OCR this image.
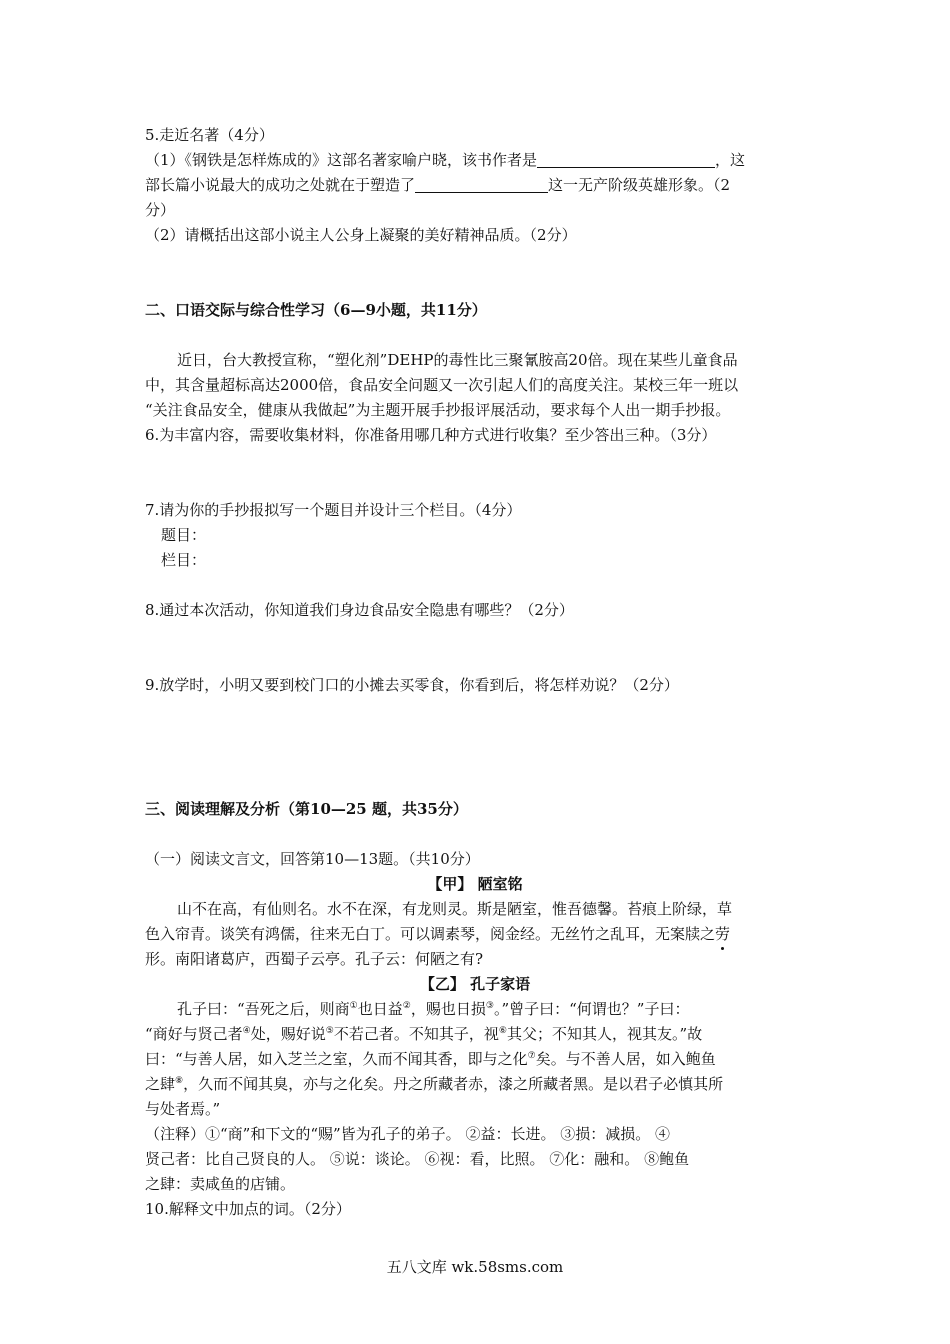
5.走近名著（4分）
（1）《钢铁是怎样炼成的》这部名著家喻户晓，该书作者是	，这
部长篇小说最大的成功之处就在于塑造了	这一无产阶级英雄形象。（2
分）
（2）请概括出这部小说主人公身上凝聚的美好精神品质。（2分）
二、口语交际与综合性学习（6—9小题，共11分）
近日，台大教授宣称，“塑化剂”DEHP的毒性比三聚氰胺高20倍。现在某些儿童食品
中，其含量超标高达2000倍，食品安全问题又一次引起人们的高度关注。某校三年一班以
“关注食品安全，健康从我做起”为主题开展手抄报评展活动，要求每个人出一期手抄报。
6.为丰富内容，需要收集材料，你准备用哪几种方式进行收集？至少答出三种。（3分）
7.请为你的手抄报拟写一个题目并设计三个栏目。（4分）
题目：
栏目：
8.通过本次活动，你知道我们身边食品安全隐患有哪些？（2分）
9.放学时，小明又要到校门口的小摊去买零食，你看到后，将怎样劝说？（2分）
三、阅读理解及分析（第10—25 题，共35分）
（一）阅读文言文，回答第10—13题。（共10分）
【甲】 陋室铭
山不在高，有仙则名。水不在深，有龙则灵。斯是陋室，惟吾德馨。苔痕上阶绿，草
色入帘青。谈笑有鸿儒，往来无白丁。可以调素琴，阅金经。无丝竹之乱耳，无案牍之劳
形。南阳诸葛庐，西蜀子云亭。孔子云：何陋之有?
【乙】 孔子家语
孔子曰：“吾死之后，则商①也日益②，赐也日损③。”曾子曰：“何谓也？”子曰：
“商好与贤己者④处，赐好说⑤不若己者。不知其子，视⑥其父；不知其人，视其友。”故
曰：“与善人居，如入芝兰之室，久而不闻其香，即与之化⑦矣。与不善人居，如入鲍鱼
之肆⑧，久而不闻其臭，亦与之化矣。丹之所藏者赤，漆之所藏者黑。是以君子必慎其所
与处者焉。”
（注释）①“商”和下文的“赐”皆为孔子的弟子。 ②益：长进。 ③损：减损。 ④
贤己者：比自己贤良的人。 ⑤说：谈论。 ⑥视：看，比照。 ⑦化：融和。 ⑧鲍鱼
之肆：卖咸鱼的店铺。
10.解释文中加点的词。（2分）
五八文库 wk.58sms.com
